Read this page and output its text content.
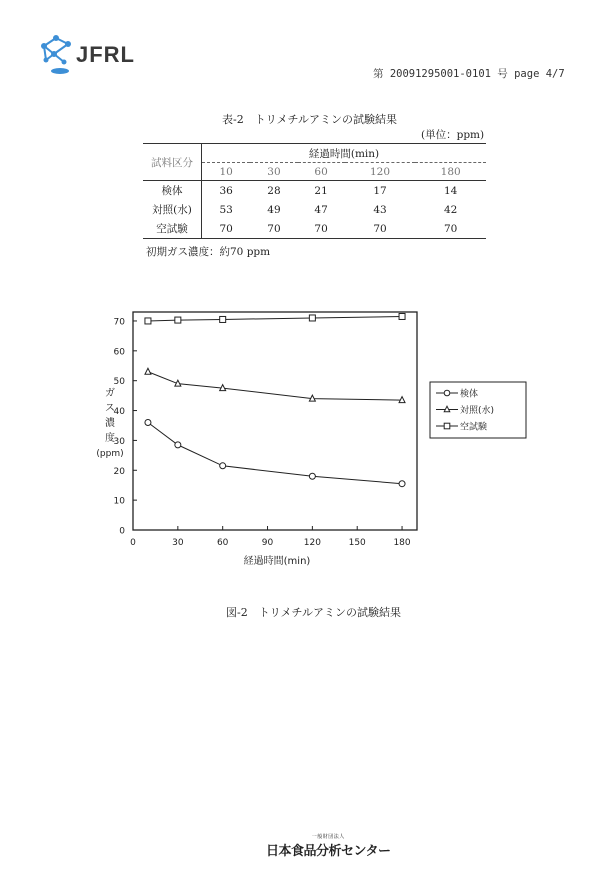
JFRL
第 20091295001-0101 号 page 4/7
表-2　トリメチルアミンの試験結果
(単位：ppm)
試料区分	経過時間(min)				
	10	30	60	120	180
検体	36	28	21	17	14
対照(水)	53	49	47	43	42
空試験	70	70	70	70	70
初期ガス濃度：約70 ppm
0
10
20
30
40
50
60
70
0	30	60	90	120	150	180
経過時間(min)
ガ
ス
濃
度
(ppm)
検体
対照(水)
空試験
図-2　トリメチルアミンの試験結果
一般財団法人
日本食品分析センター
